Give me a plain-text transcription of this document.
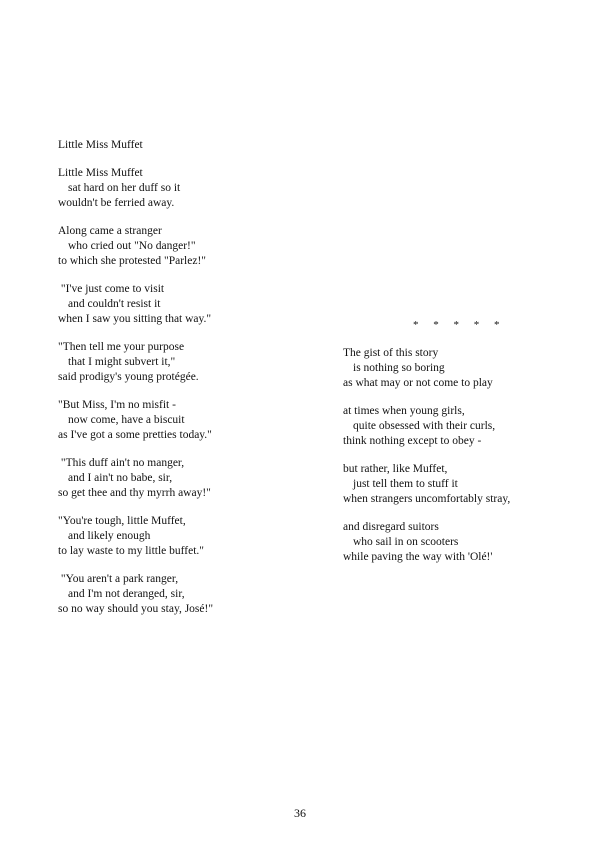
Little Miss Muffet
Little Miss Muffet
sat hard on her duff so it
wouldn't be ferried away.
Along came a stranger
who cried out "No danger!"
to which she protested "Parlez!"
"I've just come to visit
and couldn't resist it
when I saw you sitting that way."
"Then tell me your purpose
that I might subvert it,"
said prodigy's young protégée.
"But Miss, I'm no misfit -
now come, have a biscuit
as I've got a some pretties today."
"This duff ain't no manger,
and I ain't no babe, sir,
so get thee and thy myrrh away!"
"You're tough, little Muffet,
and likely enough
to lay waste to my little buffet."
"You aren't a park ranger,
and I'm not deranged, sir,
so no way should you stay, José!"
* * * * *
The gist of this story
is nothing so boring
as what may or not come to play
at times when young girls,
quite obsessed with their curls,
think nothing except to obey -
but rather, like Muffet,
just tell them to stuff it
when strangers uncomfortably stray,
and disregard suitors
who sail in on scooters
while paving the way with 'Olé!'
36
